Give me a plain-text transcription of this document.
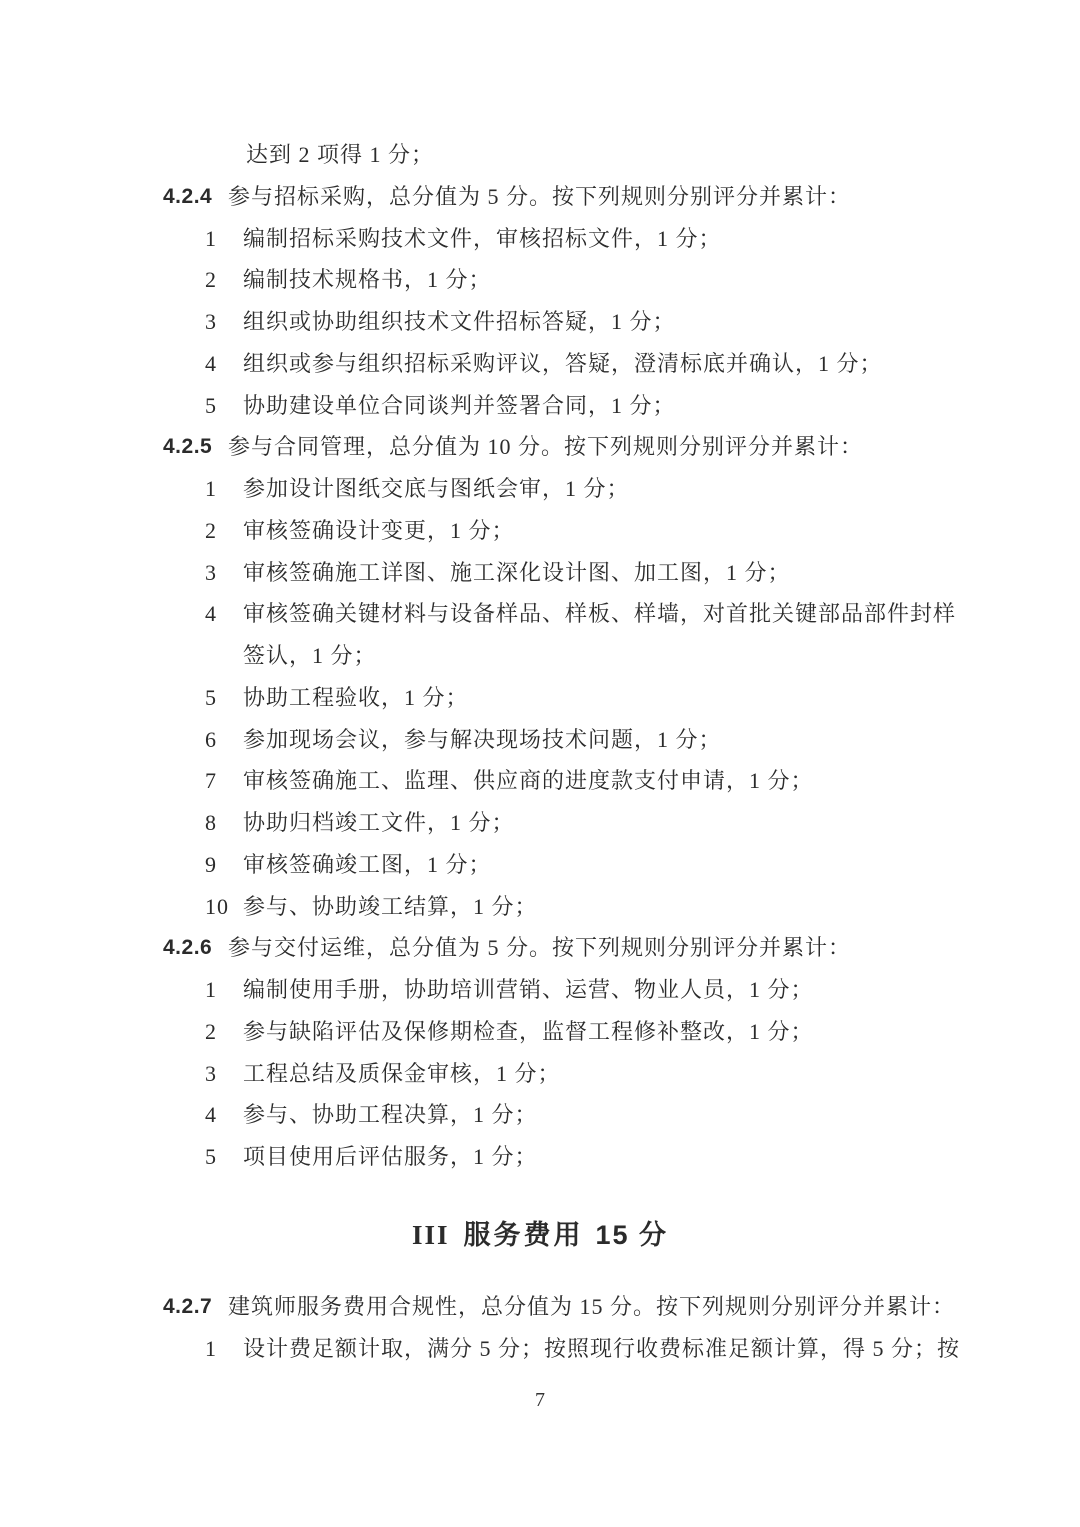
达到 2 项得 1 分；
4.2.4 参与招标采购，总分值为 5 分。按下列规则分别评分并累计：
1	编制招标采购技术文件，审核招标文件，1 分；
2	编制技术规格书，1 分；
3	组织或协助组织技术文件招标答疑，1 分；
4	组织或参与组织招标采购评议，答疑，澄清标底并确认，1 分；
5	协助建设单位合同谈判并签署合同，1 分；
4.2.5 参与合同管理，总分值为 10 分。按下列规则分别评分并累计：
1	参加设计图纸交底与图纸会审，1 分；
2	审核签确设计变更，1 分；
3	审核签确施工详图、施工深化设计图、加工图，1 分；
4	审核签确关键材料与设备样品、样板、样墙，对首批关键部品部件封样
签认，1 分；
5	协助工程验收，1 分；
6	参加现场会议，参与解决现场技术问题，1 分；
7	审核签确施工、监理、供应商的进度款支付申请，1 分；
8	协助归档竣工文件，1 分；
9	审核签确竣工图，1 分；
10 参与、协助竣工结算，1 分；
4.2.6 参与交付运维，总分值为 5 分。按下列规则分别评分并累计：
1	编制使用手册，协助培训营销、运营、物业人员，1 分；
2	参与缺陷评估及保修期检查，监督工程修补整改，1 分；
3	工程总结及质保金审核，1 分；
4	参与、协助工程决算，1 分；
5	项目使用后评估服务，1 分；
III 服务费用 15 分
4.2.7 建筑师服务费用合规性，总分值为 15 分。按下列规则分别评分并累计：
1	设计费足额计取，满分 5 分；按照现行收费标准足额计算，得 5 分；按
7
